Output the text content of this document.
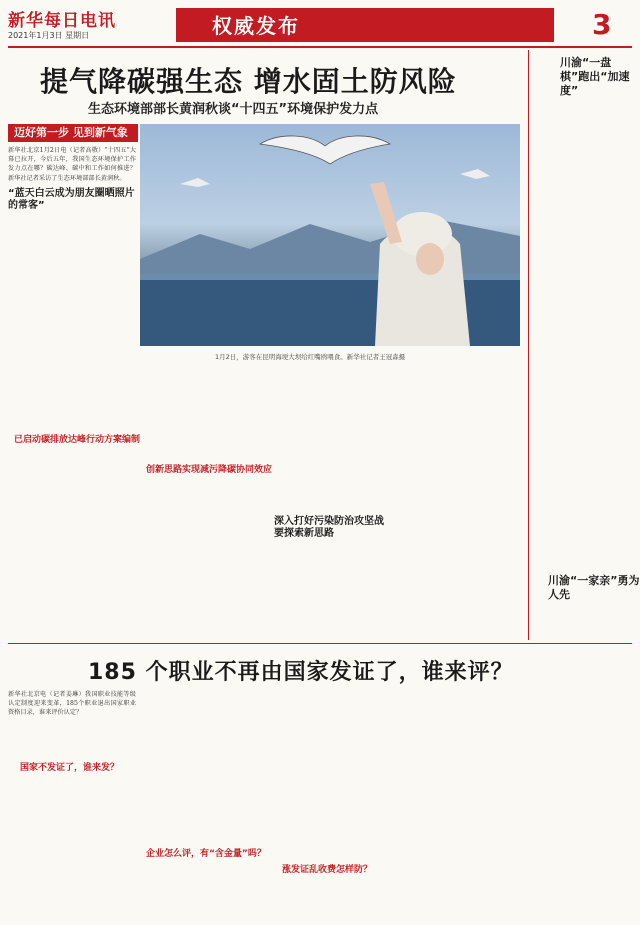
新华每日电讯
2021年1月3日 星期日	权威发布	3
提气降碳强生态 增水固土防风险
生态环境部部长黄润秋谈“十四五”环境保护发力点
迈好第一步 见到新气象
1月2日，游客在昆明海埂大坝给红嘴鸥喂食。新华社记者王冠森摄
新华社北京1月2日电（记者高敬）“十四五”大幕已拉开，今后五年，我国生态环境保护工作发力点在哪？碳达峰、碳中和工作如何推进？新华社记者采访了生态环境部部长黄润秋。
“蓝天白云成为朋友圈晒照片的常客”

已启动碳排放达峰行动方案编制

创新思路实现减污降碳协同效应

深入打好污染防治攻坚战要探索新思路

川渝“一盘棋”跑出“加速度”

川渝“一家亲”勇为人先

185 个职业不再由国家发证了，谁来评？
新华社北京电（记者姜琳）我国职业技能等级认定制度迎来变革，185个职业退出国家职业资格目录，谁来评价认定？
国家不发证了，谁来发？

企业怎么评，有“含金量”吗？

涨发证乱收费怎样防？
